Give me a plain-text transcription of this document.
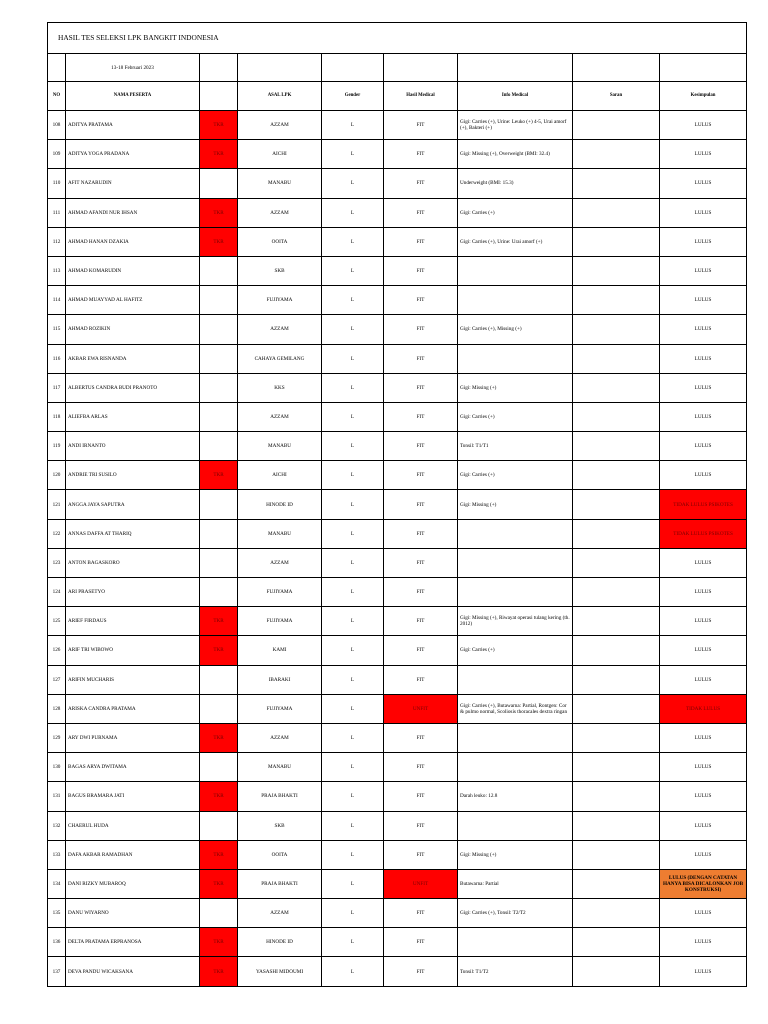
HASIL TES SELEKSI LPK BANGKIT INDONESIA								
	13-18 Februari 2023							
NO	NAMA PESERTA		ASAL LPK	Gender	Hasil Medical	Info Medical	Saran	Kesimpulan
108	ADITYA PRATAMA	TKR	AZZAM	L	FIT	Gigi: Carries (+), Urine: Leuko (+) 4-5, Urai amorf (+), Bakteri (+)		LULUS
109	ADITYA YOGA PRADANA	TKR	AICHI	L	FIT	Gigi: Missing (+), Overweight (BMI: 32.4)		LULUS
110	AFIT NAZARUDIN		MANABU	L	FIT	Underweight (BMI: 15.3)		LULUS
111	AHMAD AFANDI NUR IHSAN	TKR	AZZAM	L	FIT	Gigi: Carries (+)		LULUS
112	AHMAD HANAN DZAKIA	TKR	OOITA	L	FIT	Gigi: Carries (+), Urine: Urai amorf (+)		LULUS
113	AHMAD KOMARUDIN		SKB	L	FIT			LULUS
114	AHMAD MUAYYAD AL HAFITZ		FUJIYAMA	L	FIT			LULUS
115	AHMAD ROZIKIN		AZZAM	L	FIT	Gigi: Carries (+), Missing (+)		LULUS
116	AKBAR EWA RISNANDA		CAHAYA GEMILANG	L	FIT			LULUS
117	ALBERTUS CANDRA BUDI PRANOTO		KKS	L	FIT	Gigi: Missing (+)		LULUS
118	ALIEFBA ARLAS		AZZAM	L	FIT	Gigi: Carries (+)		LULUS
119	ANDI IRNANTO		MANABU	L	FIT	Tonsil: T1/T1		LULUS
120	ANDRIE TRI SUSILO	TKR	AICHI	L	FIT	Gigi: Carries (+)		LULUS
121	ANGGA JAYA SAPUTRA		HINODE ID	L	FIT	Gigi: Missing (+)		TIDAK LULUS PSIKOTES
122	ANNAS DAFFA AT THARIQ		MANABU	L	FIT			TIDAK LULUS PSIKOTES
123	ANTON BAGASKORO		AZZAM	L	FIT			LULUS
124	ARI PRASETYO		FUJIYAMA	L	FIT			LULUS
125	ARIEF FIRDAUS	TKR	FUJIYAMA	L	FIT	Gigi: Missing (+), Riwayat operasi tulang kering (th. 2012)		LULUS
126	ARIF TRI WIBOWO	TKR	KAMI	L	FIT	Gigi: Carries (+)		LULUS
127	ARIFIN MUCHARIS		IBARAKI	L	FIT			LULUS
128	ARISKA CANDRA PRATAMA		FUJIYAMA	L	UNFIT	Gigi: Carries (+), Butawarna: Partial, Rontgen: Cor & pulmo normal, Scoliosis thoracales dextra ringan		TIDAK LULUS
129	ARY DWI PURNAMA	TKR	AZZAM	L	FIT			LULUS
130	BAGAS ARYA DWITAMA		MANABU	L	FIT			LULUS
131	BAGUS BRAMARA JATI	TKR	PRAJA BHAKTI	L	FIT	Darah leuko: 12.8		LULUS
132	CHAERUL HUDA		SKB	L	FIT			LULUS
133	DAFA AKBAR RAMADHAN	TKR	OOITA	L	FIT	Gigi: Missing (+)		LULUS
134	DANI RIZKY MUBAROQ	TKR	PRAJA BHAKTI	L	UNFIT	Butawarna: Partial		LULUS (DENGAN CATATAN HANYA BISA DICALONKAN JOB KONSTRUKSI)
135	DANU WIYARNO		AZZAM	L	FIT	Gigi: Carries (+), Tonsil: T2/T2		LULUS
136	DELTA PRATAMA ERPRANOSA	TKR	HINODE ID	L	FIT			LULUS
137	DEVA PANDU WICAKSANA	TKR	YASASHI MIDOUMI	L	FIT	Tonsil: T1/T2		LULUS
